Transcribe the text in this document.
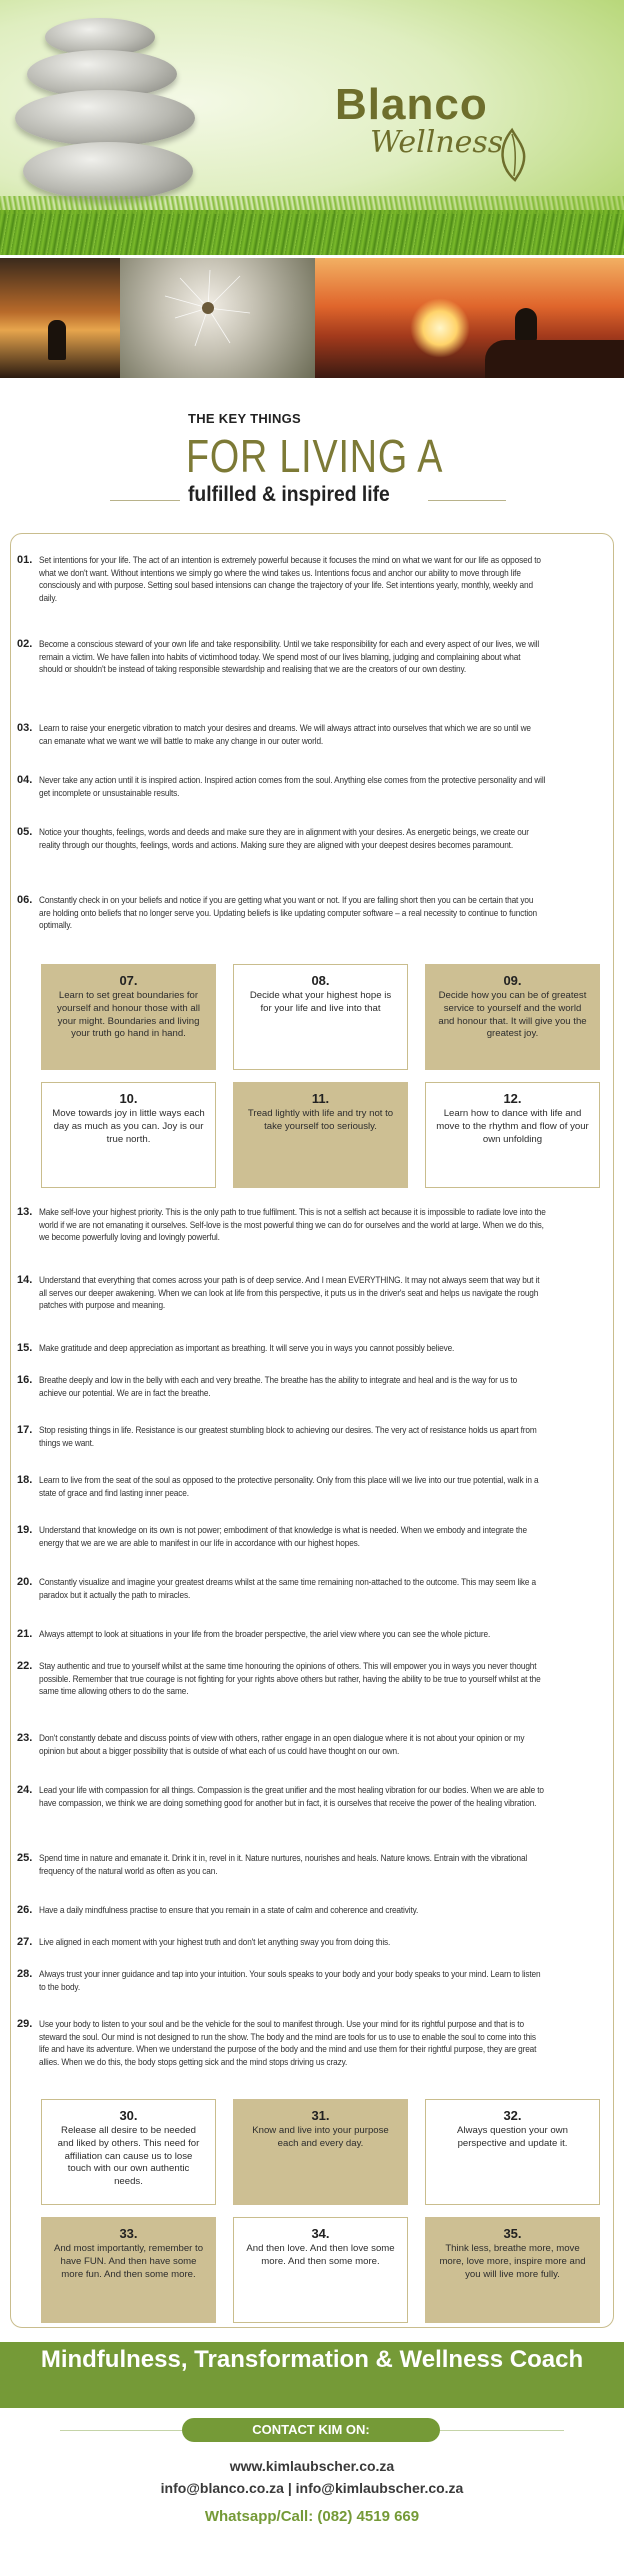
Blanco
Wellness
THE KEY THINGS
FOR LIVING A
fulfilled & inspired life
01. Set intentions for your life. The act of an intention is extremely powerful because it focuses the mind on what we want for our life as opposed to what we don't want. Without intentions we simply go where the wind takes us. Intentions focus and anchor our ability to move through life consciously and with purpose. Setting soul based intensions can change the trajectory of your life. Set intentions yearly, monthly, weekly and daily.
02. Become a conscious steward of your own life and take responsibility. Until we take responsibility for each and every aspect of our lives, we will remain a victim. We have fallen into habits of victimhood today. We spend most of our lives blaming, judging and complaining about what should or shouldn't be instead of taking responsible stewardship and realising that we are the creators of our own destiny.
03. Learn to raise your energetic vibration to match your desires and dreams. We will always attract into ourselves that which we are so until we can emanate what we want we will battle to make any change in our outer world.
04. Never take any action until it is inspired action. Inspired action comes from the soul. Anything else comes from the protective personality and will get incomplete or unsustainable results.
05. Notice your thoughts, feelings, words and deeds and make sure they are in alignment with your desires. As energetic beings, we create our reality through our thoughts, feelings, words and actions. Making sure they are aligned with your deepest desires becomes paramount.
06. Constantly check in on your beliefs and notice if you are getting what you want or not. If you are falling short then you can be certain that you are holding onto beliefs that no longer serve you. Updating beliefs is like updating computer software – a real necessity to continue to function optimally.
07.
Learn to set great boundaries for yourself and honour those with all your might. Boundaries and living your truth go hand in hand.
08.
Decide what your highest hope is for your life and live into that
09.
Decide how you can be of greatest service to yourself and the world and honour that. It will give you the greatest joy.
10.
Move towards joy in little ways each day as much as you can. Joy is our true north.
11.
Tread lightly with life and try not to take yourself too seriously.
12.
Learn how to dance with life and move to the rhythm and flow of your own unfolding
13. Make self-love your highest priority. This is the only path to true fulfilment. This is not a selfish act because it is impossible to radiate love into the world if we are not emanating it ourselves. Self-love is the most powerful thing we can do for ourselves and the world at large. When we do this, we become powerfully loving and lovingly powerful.
14. Understand that everything that comes across your path is of deep service. And I mean EVERYTHING. It may not always seem that way but it all serves our deeper awakening. When we can look at life from this perspective, it puts us in the driver's seat and helps us navigate the rough patches with purpose and meaning.
15. Make gratitude and deep appreciation as important as breathing. It will serve you in ways you cannot possibly believe.
16. Breathe deeply and low in the belly with each and very breathe. The breathe has the ability to integrate and heal and is the way for us to achieve our potential. We are in fact the breathe.
17. Stop resisting things in life. Resistance is our greatest stumbling block to achieving our desires. The very act of resistance holds us apart from things we want.
18. Learn to live from the seat of the soul as opposed to the protective personality. Only from this place will we live into our true potential, walk in a state of grace and find lasting inner peace.
19. Understand that knowledge on its own is not power; embodiment of that knowledge is what is needed. When we embody and integrate the energy that we are we are able to manifest in our life in accordance with our highest hopes.
20. Constantly visualize and imagine your greatest dreams whilst at the same time remaining non-attached to the outcome. This may seem like a paradox but it actually the path to miracles.
21. Always attempt to look at situations in your life from the broader perspective, the ariel view where you can see the whole picture.
22. Stay authentic and true to yourself whilst at the same time honouring the opinions of others. This will empower you in ways you never thought possible. Remember that true courage is not fighting for your rights above others but rather, having the ability to be true to yourself whilst at the same time allowing others to do the same.
23. Don't constantly debate and discuss points of view with others, rather engage in an open dialogue where it is not about your opinion or my opinion but about a bigger possibility that is outside of what each of us could have thought on our own.
24. Lead your life with compassion for all things. Compassion is the great unifier and the most healing vibration for our bodies. When we are able to have compassion, we think we are doing something good for another but in fact, it is ourselves that receive the power of the healing vibration.
25. Spend time in nature and emanate it. Drink it in, revel in it. Nature nurtures, nourishes and heals. Nature knows. Entrain with the vibrational frequency of the natural world as often as you can.
26. Have a daily mindfulness practise to ensure that you remain in a state of calm and coherence and creativity.
27. Live aligned in each moment with your highest truth and don't let anything sway you from doing this.
28. Always trust your inner guidance and tap into your intuition. Your souls speaks to your body and your body speaks to your mind. Learn to listen to the body.
29. Use your body to listen to your soul and be the vehicle for the soul to manifest through. Use your mind for its rightful purpose and that is to steward the soul. Our mind is not designed to run the show. The body and the mind are tools for us to use to enable the soul to come into this life and have its adventure. When we understand the purpose of the body and the mind and use them for their rightful purpose, they are great allies. When we do this, the body stops getting sick and the mind stops driving us crazy.
30.
Release all desire to be needed and liked by others. This need for affiliation can cause us to lose touch with our own authentic needs.
31.
Know and live into your purpose each and every day.
32.
Always question your own perspective and update it.
33.
And most importantly, remember to have FUN. And then have some more fun. And then some more.
34.
And then love. And then love some more. And then some more.
35.
Think less, breathe more, move more, love more, inspire more and you will live more fully.
Mindfulness, Transformation & Wellness Coach
CONTACT KIM ON:
www.kimlaubscher.co.za
info@blanco.co.za | info@kimlaubscher.co.za
Whatsapp/Call: (082) 4519 669
